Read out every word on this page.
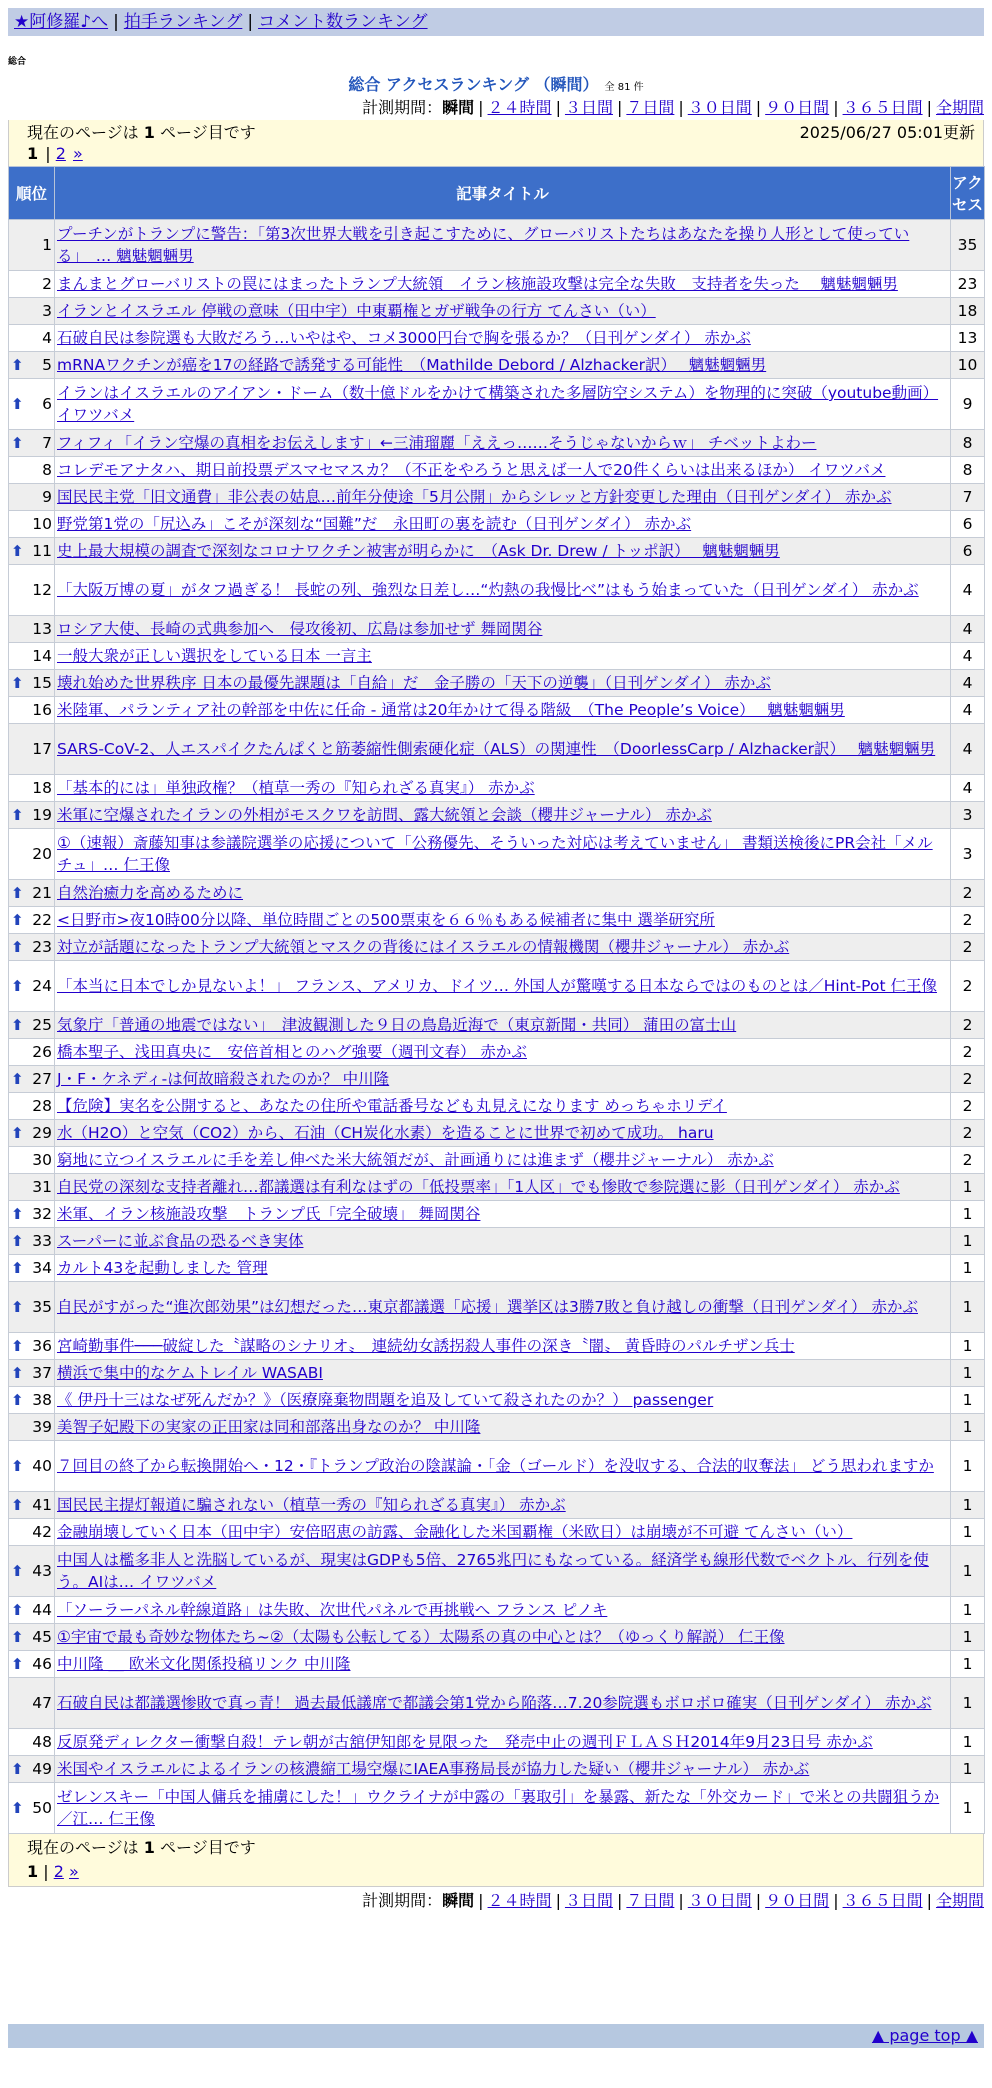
★阿修羅♪へ | 拍手ランキング | コメント数ランキング
総合
総合 アクセスランキング （瞬間） 全 81 件
計測期間：瞬間 | ２４時間 | ３日間 | ７日間 | ３０日間 | ９０日間 | ３６５日間 | 全期間
現在のページは 1 ページ目です	2025/06/27 05:01更新
1 | 2 »
順位	記事タイトル	アクセス
1	プーチンがトランプに警告：「第3次世界大戦を引き起こすために、グローバリストたちはあなたを操り人形として使っている」　… 魑魅魍魎男	35
2	まんまとグローバリストの罠にはまったトランプ大統領　イラン核施設攻撃は完全な失敗　支持者を失った　 魑魅魍魎男	23
3	イランとイスラエル 停戦の意味（田中宇）中東覇権とガザ戦争の行方 てんさい（い）	18
4	石破自民は参院選も大敗だろう…いやはや、コメ3000円台で胸を張るか？（日刊ゲンダイ） 赤かぶ	13

⬆ 5	mRNAワクチンが癌を17の経路で誘発する可能性　（Mathilde Debord / Alzhacker訳）　 魑魅魍魎男	10

⬆ 6	イランはイスラエルのアイアン・ドーム（数十億ドルをかけて構築された多層防空システム）を物理的に突破（youtube動画） イワツバメ	9

⬆ 7	フィフィ「イラン空爆の真相をお伝えします」←三浦瑠麗「ええっ……そうじゃないからｗ」 チベットよわー	8
8	コレデモアナタハ、期日前投票デスマセマスカ？（不正をやろうと思えば一人で20件くらいは出来るほか） イワツバメ	8
9	国民民主党「旧文通費」非公表の姑息…前年分使途「5月公開」からシレッと方針変更した理由（日刊ゲンダイ） 赤かぶ	7
10	野党第1党の「尻込み」こそが深刻な“国難”だ　永田町の裏を読む（日刊ゲンダイ） 赤かぶ	6

⬆ 11	史上最大規模の調査で深刻なコロナワクチン被害が明らかに　（Ask Dr. Drew / トッポ訳）　 魑魅魍魎男	6
12	「大阪万博の夏」がタフ過ぎる！ 長蛇の列、強烈な日差し…“灼熱の我慢比べ”はもう始まっていた（日刊ゲンダイ） 赤かぶ	4
13	ロシア大使、長崎の式典参加へ　侵攻後初、広島は参加せず 舞岡関谷	4
14	一般大衆が正しい選択をしている日本 一言主	4

⬆ 15	壊れ始めた世界秩序 日本の最優先課題は「自給」だ　金子勝の「天下の逆襲」（日刊ゲンダイ） 赤かぶ	4
16	米陸軍、パランティア社の幹部を中佐に任命 - 通常は20年かけて得る階級　（The People’s Voice）　 魑魅魍魎男	4
17	SARS-CoV-2、人エスパイクたんぱくと筋萎縮性側索硬化症（ALS）の関連性　（DoorlessCarp / Alzhacker訳）　 魑魅魍魎男	4
18	「基本的には」単独政権？（植草一秀の『知られざる真実』） 赤かぶ	4

⬆ 19	米軍に空爆されたイランの外相がモスクワを訪問、露大統領と会談（櫻井ジャーナル） 赤かぶ	3
20	①（速報）斎藤知事は参議院選挙の応援について「公務優先、そういった対応は考えていません」 書類送検後にPR会社「メルチュ」… 仁王像	3

⬆ 21	自然治癒力を高めるために	2

⬆ 22	<日野市>夜10時00分以降、単位時間ごとの500票束を６６％もある候補者に集中 選挙研究所	2

⬆ 23	対立が話題になったトランプ大統領とマスクの背後にはイスラエルの情報機関（櫻井ジャーナル） 赤かぶ	2

⬆ 24	「本当に日本でしか見ないよ！」 フランス、アメリカ、ドイツ… 外国人が驚嘆する日本ならではのものとは／Hint-Pot 仁王像	2

⬆ 25	気象庁「普通の地震ではない」　津波観測した９日の鳥島近海で（東京新聞・共同） 蒲田の富士山	2
26	橋本聖子、浅田真央に　安倍首相とのハグ強要（週刊文春） 赤かぶ	2

⬆ 27	J・F・ケネディ-は何故暗殺されたのか？ 中川隆	2
28	【危険】実名を公開すると、あなたの住所や電話番号なども丸見えになります めっちゃホリデイ	2

⬆ 29	水（H2O）と空気（CO2）から、石油（CH炭化水素）を造ることに世界で初めて成功。 haru	2
30	窮地に立つイスラエルに手を差し伸べた米大統領だが、計画通りには進まず（櫻井ジャーナル） 赤かぶ	2
31	自民党の深刻な支持者離れ…都議選は有利なはずの「低投票率」「1人区」でも惨敗で参院選に影（日刊ゲンダイ） 赤かぶ	1

⬆ 32	米軍、イラン核施設攻撃　トランプ氏「完全破壊」 舞岡関谷	1

⬆ 33	スーパーに並ぶ食品の恐るべき実体	1

⬆ 34	カルト43を起動しました 管理	1

⬆ 35	自民がすがった“進次郎効果”は幻想だった…東京都議選「応援」選挙区は3勝7敗と負け越しの衝撃（日刊ゲンダイ） 赤かぶ	1

⬆ 36	宮崎勤事件───破綻した〝謀略のシナリオ〟　連続幼女誘拐殺人事件の深き〝闇〟 黄昏時のパルチザン兵士	1

⬆ 37	横浜で集中的なケムトレイル WASABI	1

⬆ 38	《 伊丹十三はなぜ死んだか？》（医療廃棄物問題を追及していて殺されたのか？） passenger	1
39	美智子妃殿下の実家の正田家は同和部落出身なのか？ 中川隆	1

⬆ 40	７回目の終了から転換開始へ・12・『トランプ政治の陰謀論・「金（ゴールド）を没収する、合法的収奪法」 どう思われますか	1

⬆ 41	国民民主提灯報道に騙されない（植草一秀の『知られざる真実』） 赤かぶ	1
42	金融崩壊していく日本（田中宇）安倍昭恵の訪露、金融化した米国覇権（米欧日）は崩壊が不可避 てんさい（い）	1

⬆ 43	中国人は檻多非人と洗脳しているが、現実はGDPも5倍、2765兆円にもなっている。経済学も線形代数でベクトル、行列を使う。AIは… イワツバメ	1

⬆ 44	「ソーラーパネル幹線道路」は失敗、次世代パネルで再挑戦へ フランス ピノキ	1

⬆ 45	①宇宙で最も奇妙な物体たち~②（太陽も公転してる）太陽系の真の中心とは？（ゆっくり解説） 仁王像	1

⬆ 46	中川隆 ＿ 欧米文化関係投稿リンク 中川隆	1
47	石破自民は都議選惨敗で真っ青！ 過去最低議席で都議会第1党から陥落…7.20参院選もボロボロ確実（日刊ゲンダイ） 赤かぶ	1
48	反原発ディレクター衝撃自殺！テレ朝が古舘伊知郎を見限った　発売中止の週刊ＦＬＡＳＨ2014年9月23日号 赤かぶ	1

⬆ 49	米国やイスラエルによるイランの核濃縮工場空爆にIAEA事務局長が協力した疑い（櫻井ジャーナル） 赤かぶ	1

⬆ 50	ゼレンスキー「中国人傭兵を捕虜にした！」ウクライナが中露の「裏取引」を暴露、新たな「外交カード」で米との共闘狙うか／江… 仁王像	1
現在のページは 1 ページ目です
1 | 2 »
計測期間：瞬間 | ２４時間 | ３日間 | ７日間 | ３０日間 | ９０日間 | ３６５日間 | 全期間
▲ page top ▲
